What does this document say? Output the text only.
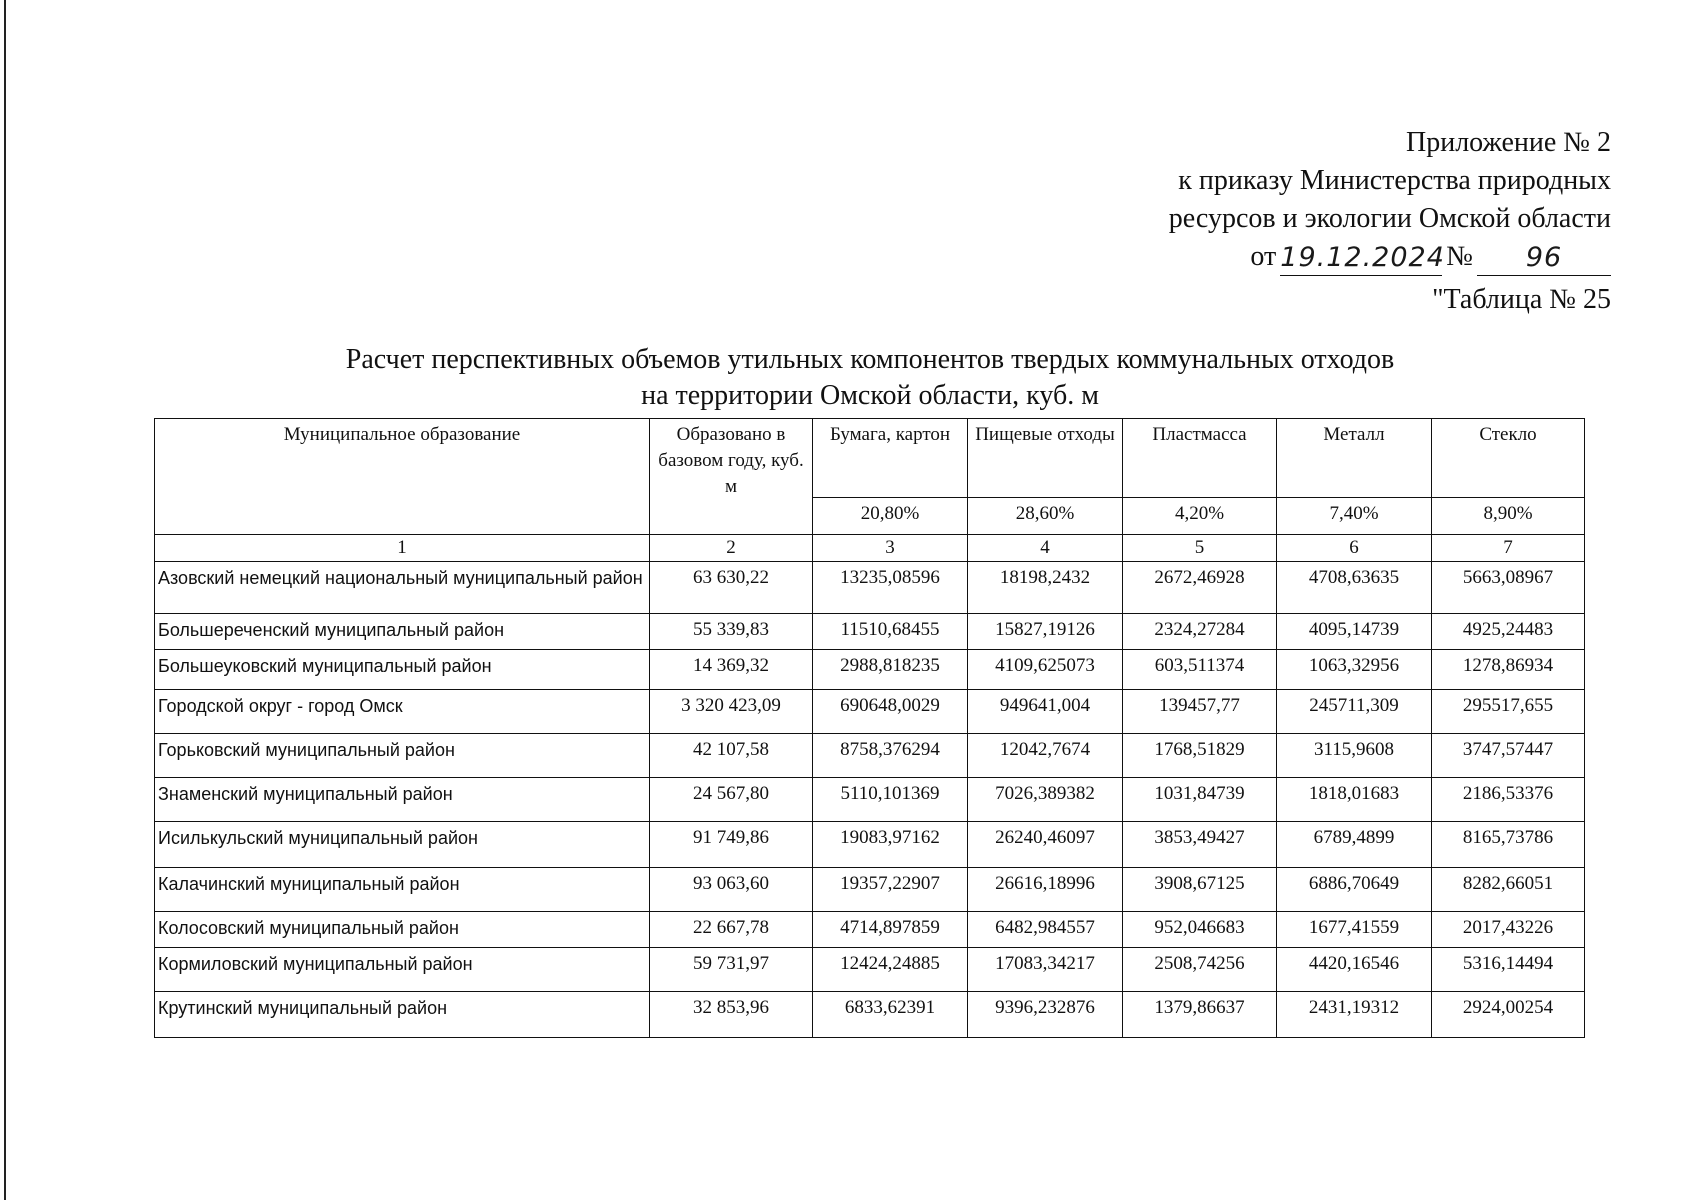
Приложение № 2
к приказу Министерства природных
ресурсов и экологии Омской области
от 19.12.2024 №	96
"Таблица № 25
Расчет перспективных объемов утильных компонентов твердых коммунальных отходов
на территории Омской области, куб. м
Муниципальное образование	Образовано в базовом году, куб. м	Бумага, картон	Пищевые отходы	Пластмасса	Металл	Стекло
		20,80%	28,60%	4,20%	7,40%	8,90%
1	2	3	4	5	6	7
Азовский немецкий национальный муниципальный район	63 630,22	13235,08596	18198,2432	2672,46928	4708,63635	5663,08967
Большереченский муниципальный район	55 339,83	11510,68455	15827,19126	2324,27284	4095,14739	4925,24483
Большеуковский муниципальный район	14 369,32	2988,818235	4109,625073	603,511374	1063,32956	1278,86934
Городской округ - город Омск	3 320 423,09	690648,0029	949641,004	139457,77	245711,309	295517,655
Горьковский муниципальный район	42 107,58	8758,376294	12042,7674	1768,51829	3115,9608	3747,57447
Знаменский муниципальный район	24 567,80	5110,101369	7026,389382	1031,84739	1818,01683	2186,53376
Исилькульский муниципальный район	91 749,86	19083,97162	26240,46097	3853,49427	6789,4899	8165,73786
Калачинский муниципальный район	93 063,60	19357,22907	26616,18996	3908,67125	6886,70649	8282,66051
Колосовский муниципальный район	22 667,78	4714,897859	6482,984557	952,046683	1677,41559	2017,43226
Кормиловский муниципальный район	59 731,97	12424,24885	17083,34217	2508,74256	4420,16546	5316,14494
Крутинский муниципальный район	32 853,96	6833,62391	9396,232876	1379,86637	2431,19312	2924,00254
